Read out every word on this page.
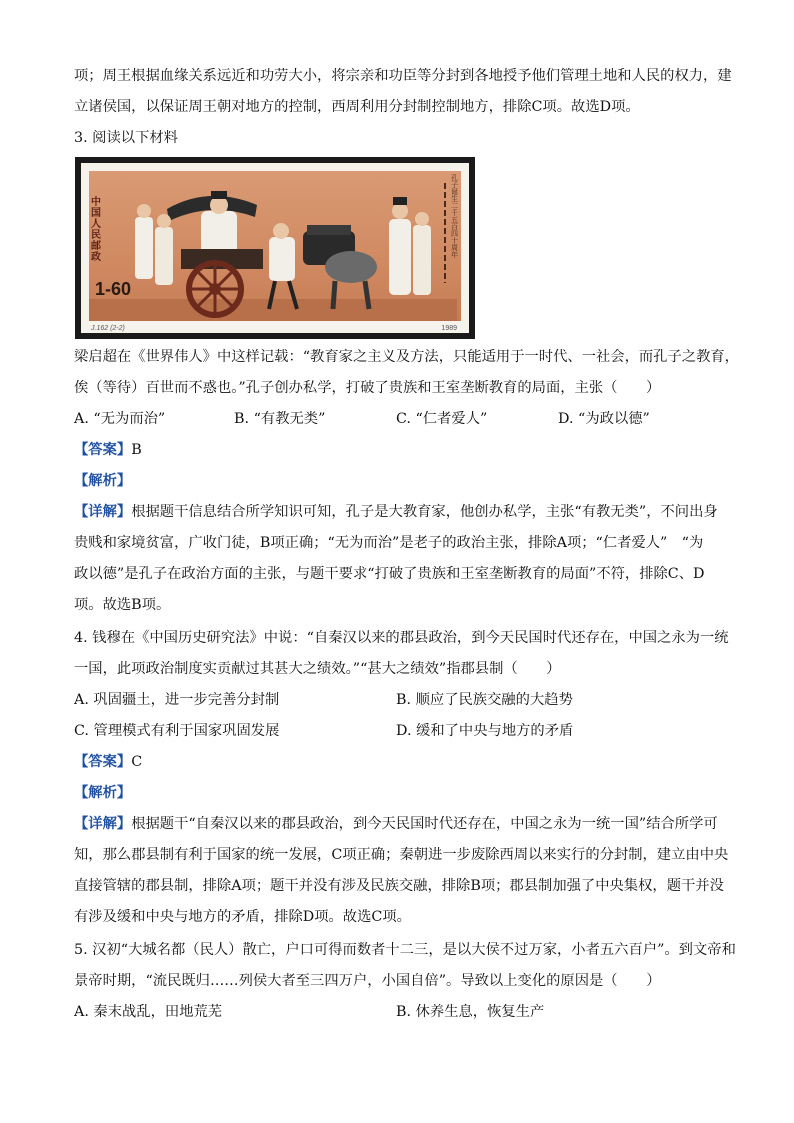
项；周王根据血缘关系远近和功劳大小，将宗亲和功臣等分封到各地授予他们管理土地和人民的权力，建
立诸侯国，以保证周王朝对地方的控制，西周利用分封制控制地方，排除C项。故选D项。
3. 阅读以下材料
中国人民邮政
1-60
孔子诞生二千五百四十周年
J.162 (2-2)	1989
梁启超在《世界伟人》中这样记载：“教育家之主义及方法，只能适用于一时代、一社会，而孔子之教育，
俟（等待）百世而不惑也。”孔子创办私学，打破了贵族和王室垄断教育的局面，主张（　　）
A. “无为而治”	B. “有教无类”	C. “仁者爱人”	D. “为政以德”
【答案】B
【解析】
【详解】根据题干信息结合所学知识可知，孔子是大教育家，他创办私学，主张“有教无类”，不问出身
贵贱和家境贫富，广收门徒，B项正确；“无为而治”是老子的政治主张，排除A项；“仁者爱人”　“为
政以德”是孔子在政治方面的主张，与题干要求“打破了贵族和王室垄断教育的局面”不符，排除C、D
项。故选B项。
4. 钱穆在《中国历史研究法》中说：“自秦汉以来的郡县政治，到今天民国时代还存在，中国之永为一统
一国，此项政治制度实贡献过其甚大之绩效。”“甚大之绩效”指郡县制（　　）
A. 巩固疆土，进一步完善分封制	B. 顺应了民族交融的大趋势
C. 管理模式有利于国家巩固发展	D. 缓和了中央与地方的矛盾
【答案】C
【解析】
【详解】根据题干“自秦汉以来的郡县政治，到今天民国时代还存在，中国之永为一统一国”结合所学可
知，那么郡县制有利于国家的统一发展，C项正确；秦朝进一步废除西周以来实行的分封制，建立由中央
直接管辖的郡县制，排除A项；题干并没有涉及民族交融，排除B项；郡县制加强了中央集权，题干并没
有涉及缓和中央与地方的矛盾，排除D项。故选C项。
5. 汉初“大城名都（民人）散亡，户口可得而数者十二三，是以大侯不过万家，小者五六百户”。到文帝和
景帝时期，“流民既归……列侯大者至三四万户，小国自倍”。导致以上变化的原因是（　　）
A. 秦末战乱，田地荒芜	B. 休养生息，恢复生产
